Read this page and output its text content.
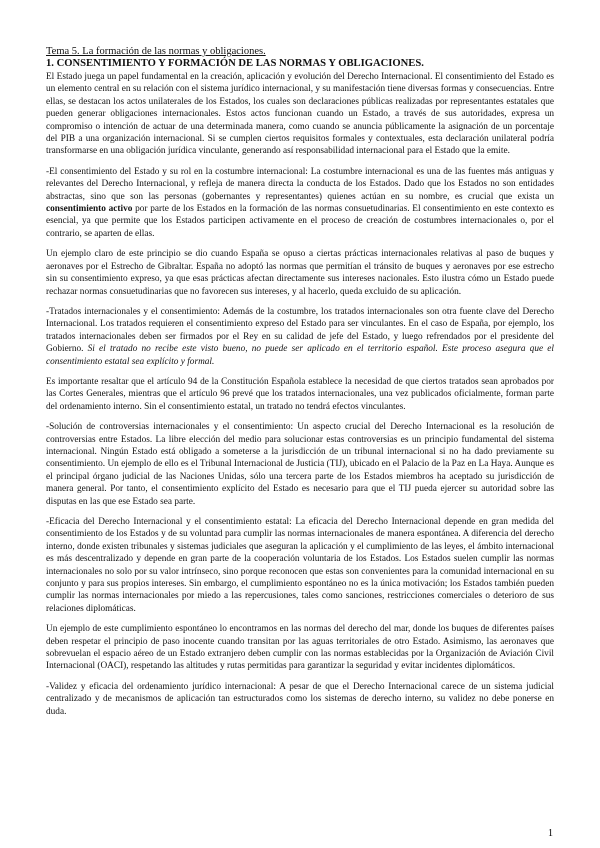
Tema 5. La formación de las normas y obligaciones.
1. CONSENTIMIENTO Y FORMACIÓN DE LAS NORMAS Y OBLIGACIONES.

El Estado juega un papel fundamental en la creación, aplicación y evolución del Derecho Internacional. El consentimiento del Estado es un elemento central en su relación con el sistema jurídico internacional, y su manifestación tiene diversas formas y consecuencias. Entre ellas, se destacan los actos unilaterales de los Estados, los cuales son declaraciones públicas realizadas por representantes estatales que pueden generar obligaciones internacionales. Estos actos funcionan cuando un Estado, a través de sus autoridades, expresa un compromiso o intención de actuar de una determinada manera, como cuando se anuncia públicamente la asignación de un porcentaje del PIB a una organización internacional. Si se cumplen ciertos requisitos formales y contextuales, esta declaración unilateral podría transformarse en una obligación jurídica vinculante, generando así responsabilidad internacional para el Estado que la emite.

-El consentimiento del Estado y su rol en la costumbre internacional: La costumbre internacional es una de las fuentes más antiguas y relevantes del Derecho Internacional, y refleja de manera directa la conducta de los Estados. Dado que los Estados no son entidades abstractas, sino que son las personas (gobernantes y representantes) quienes actúan en su nombre, es crucial que exista un consentimiento activo por parte de los Estados en la formación de las normas consuetudinarias. El consentimiento en este contexto es esencial, ya que permite que los Estados participen activamente en el proceso de creación de costumbres internacionales o, por el contrario, se aparten de ellas.

Un ejemplo claro de este principio se dio cuando España se opuso a ciertas prácticas internacionales relativas al paso de buques y aeronaves por el Estrecho de Gibraltar. España no adoptó las normas que permitían el tránsito de buques y aeronaves por ese estrecho sin su consentimiento expreso, ya que esas prácticas afectan directamente sus intereses nacionales. Esto ilustra cómo un Estado puede rechazar normas consuetudinarias que no favorecen sus intereses, y al hacerlo, queda excluido de su aplicación.

-Tratados internacionales y el consentimiento: Además de la costumbre, los tratados internacionales son otra fuente clave del Derecho Internacional. Los tratados requieren el consentimiento expreso del Estado para ser vinculantes. En el caso de España, por ejemplo, los tratados internacionales deben ser firmados por el Rey en su calidad de jefe del Estado, y luego refrendados por el presidente del Gobierno. Si el tratado no recibe este visto bueno, no puede ser aplicado en el territorio español. Este proceso asegura que el consentimiento estatal sea explícito y formal.

Es importante resaltar que el artículo 94 de la Constitución Española establece la necesidad de que ciertos tratados sean aprobados por las Cortes Generales, mientras que el artículo 96 prevé que los tratados internacionales, una vez publicados oficialmente, forman parte del ordenamiento interno. Sin el consentimiento estatal, un tratado no tendrá efectos vinculantes.

-Solución de controversias internacionales y el consentimiento: Un aspecto crucial del Derecho Internacional es la resolución de controversias entre Estados. La libre elección del medio para solucionar estas controversias es un principio fundamental del sistema internacional. Ningún Estado está obligado a someterse a la jurisdicción de un tribunal internacional si no ha dado previamente su consentimiento. Un ejemplo de ello es el Tribunal Internacional de Justicia (TIJ), ubicado en el Palacio de la Paz en La Haya. Aunque es el principal órgano judicial de las Naciones Unidas, sólo una tercera parte de los Estados miembros ha aceptado su jurisdicción de manera general. Por tanto, el consentimiento explícito del Estado es necesario para que el TIJ pueda ejercer su autoridad sobre las disputas en las que ese Estado sea parte.

-Eficacia del Derecho Internacional y el consentimiento estatal: La eficacia del Derecho Internacional depende en gran medida del consentimiento de los Estados y de su voluntad para cumplir las normas internacionales de manera espontánea. A diferencia del derecho interno, donde existen tribunales y sistemas judiciales que aseguran la aplicación y el cumplimiento de las leyes, el ámbito internacional es más descentralizado y depende en gran parte de la cooperación voluntaria de los Estados. Los Estados suelen cumplir las normas internacionales no solo por su valor intrínseco, sino porque reconocen que estas son convenientes para la comunidad internacional en su conjunto y para sus propios intereses. Sin embargo, el cumplimiento espontáneo no es la única motivación; los Estados también pueden cumplir las normas internacionales por miedo a las repercusiones, tales como sanciones, restricciones comerciales o deterioro de sus relaciones diplomáticas.

Un ejemplo de este cumplimiento espontáneo lo encontramos en las normas del derecho del mar, donde los buques de diferentes países deben respetar el principio de paso inocente cuando transitan por las aguas territoriales de otro Estado. Asimismo, las aeronaves que sobrevuelan el espacio aéreo de un Estado extranjero deben cumplir con las normas establecidas por la Organización de Aviación Civil Internacional (OACI), respetando las altitudes y rutas permitidas para garantizar la seguridad y evitar incidentes diplomáticos.

-Validez y eficacia del ordenamiento jurídico internacional: A pesar de que el Derecho Internacional carece de un sistema judicial centralizado y de mecanismos de aplicación tan estructurados como los sistemas de derecho interno, su validez no debe ponerse en duda.

1
